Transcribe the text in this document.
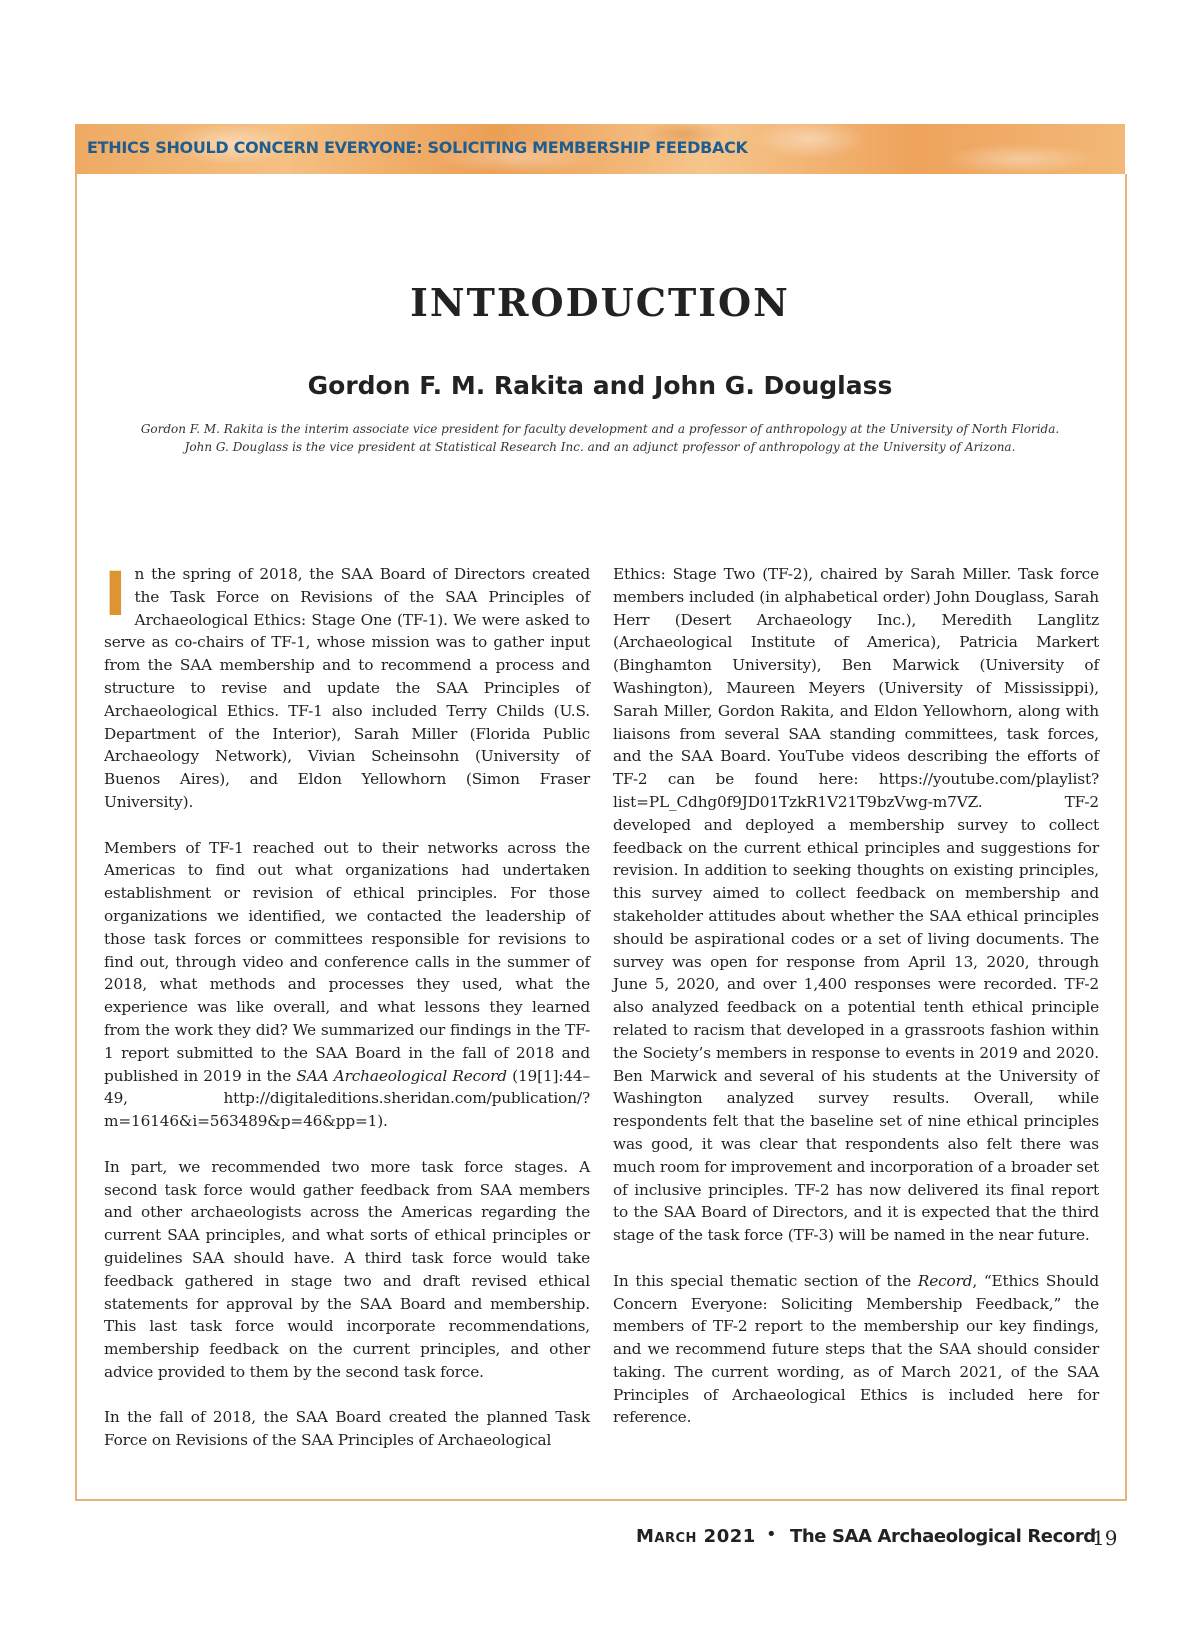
ETHICS SHOULD CONCERN EVERYONE: SOLICITING MEMBERSHIP FEEDBACK

INTRODUCTION
Gordon F. M. Rakita and John G. Douglass
Gordon F. M. Rakita is the interim associate vice president for faculty development and a professor of anthropology at the University of North Florida.
John G. Douglass is the vice president at Statistical Research Inc. and an adjunct professor of anthropology at the University of Arizona.

In the spring of 2018, the SAA Board of Directors created the Task Force on Revisions of the SAA Principles of Archaeological Ethics: Stage One (TF-1). We were asked to serve as co-chairs of TF-1, whose mission was to gather input from the SAA membership and to recommend a process and structure to revise and update the SAA Principles of Archaeological Ethics. TF-1 also included Terry Childs (U.S. Department of the Interior), Sarah Miller (Florida Public Archaeology Network), Vivian Scheinsohn (University of Buenos Aires), and Eldon Yellowhorn (Simon Fraser University).

Members of TF-1 reached out to their networks across the Americas to find out what organizations had undertaken establishment or revision of ethical principles. For those organizations we identified, we contacted the leadership of those task forces or committees responsible for revisions to find out, through video and conference calls in the summer of 2018, what methods and processes they used, what the experience was like overall, and what lessons they learned from the work they did? We summarized our findings in the TF-1 report submitted to the SAA Board in the fall of 2018 and published in 2019 in the SAA Archaeological Record (19[1]:44–49, http://digitaleditions.sheridan.com/publication/?m=16146&i=563489&p=46&pp=1).

In part, we recommended two more task force stages. A second task force would gather feedback from SAA members and other archaeologists across the Americas regarding the current SAA principles, and what sorts of ethical principles or guidelines SAA should have. A third task force would take feedback gathered in stage two and draft revised ethical statements for approval by the SAA Board and membership. This last task force would incorporate recommendations, membership feedback on the current principles, and other advice provided to them by the second task force.

In the fall of 2018, the SAA Board created the planned Task Force on Revisions of the SAA Principles of Archaeological

Ethics: Stage Two (TF-2), chaired by Sarah Miller. Task force members included (in alphabetical order) John Douglass, Sarah Herr (Desert Archaeology Inc.), Meredith Langlitz (Archaeological Institute of America), Patricia Markert (Binghamton University), Ben Marwick (University of Washington), Maureen Meyers (University of Mississippi), Sarah Miller, Gordon Rakita, and Eldon Yellowhorn, along with liaisons from several SAA standing committees, task forces, and the SAA Board. YouTube videos describing the efforts of TF-2 can be found here: https://youtube.com/playlist?list=PL_Cdhg0f9JD01TzkR1V21T9bzVwg-m7VZ. TF-2 developed and deployed a membership survey to collect feedback on the current ethical principles and suggestions for revision. In addition to seeking thoughts on existing principles, this survey aimed to collect feedback on membership and stakeholder attitudes about whether the SAA ethical principles should be aspirational codes or a set of living documents. The survey was open for response from April 13, 2020, through June 5, 2020, and over 1,400 responses were recorded. TF-2 also analyzed feedback on a potential tenth ethical principle related to racism that developed in a grassroots fashion within the Society’s members in response to events in 2019 and 2020. Ben Marwick and several of his students at the University of Washington analyzed survey results. Overall, while respondents felt that the baseline set of nine ethical principles was good, it was clear that respondents also felt there was much room for improvement and incorporation of a broader set of inclusive principles. TF-2 has now delivered its final report to the SAA Board of Directors, and it is expected that the third stage of the task force (TF-3) will be named in the near future.

In this special thematic section of the Record, “Ethics Should Concern Everyone: Soliciting Membership Feedback,” the members of TF-2 report to the membership our key findings, and we recommend future steps that the SAA should consider taking. The current wording, as of March 2021, of the SAA Principles of Archaeological Ethics is included here for reference.

March 2021 • The SAA Archaeological Record

19
